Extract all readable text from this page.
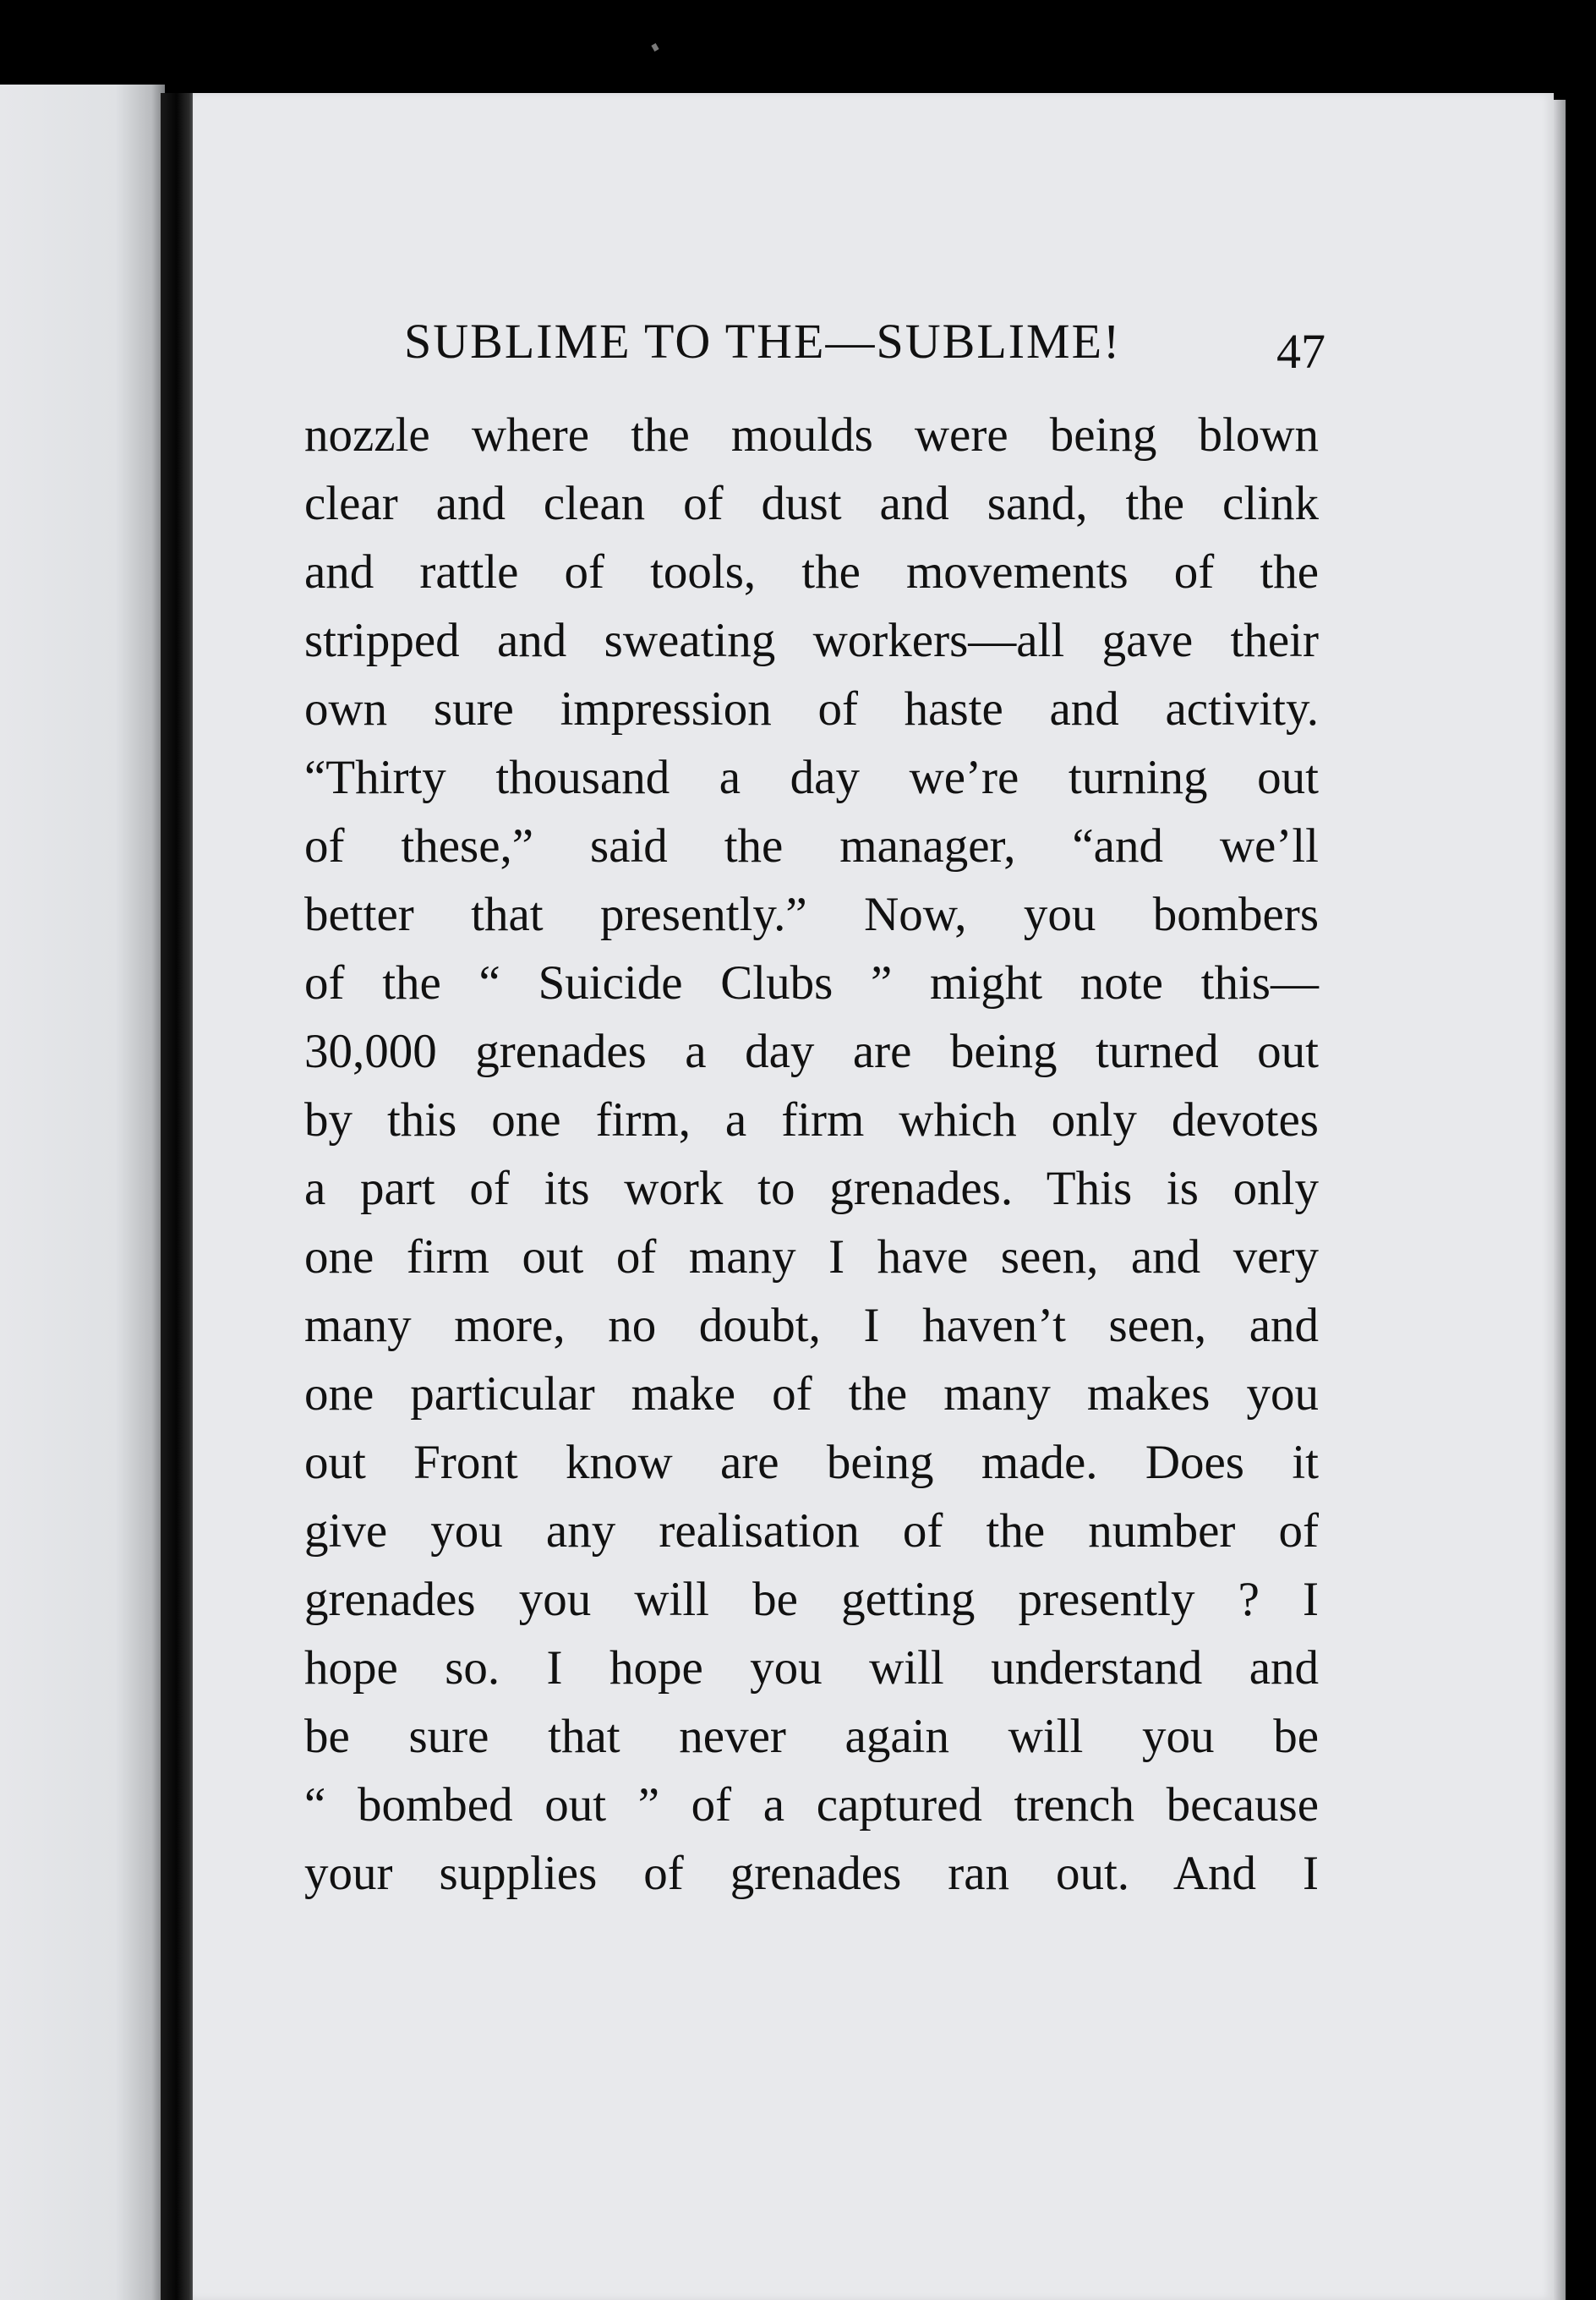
SUBLIME TO THE—SUBLIME!	47
nozzle where the moulds were being blown
clear and clean of dust and sand, the clink
and rattle of tools, the movements of the
stripped and sweating workers—all gave their
own sure impression of haste and activity.
“Thirty thousand a day we’re turning out
of these,” said the manager, “and we’ll
better that presently.” Now, you bombers
of the “ Suicide Clubs ” might note this—
30,000 grenades a day are being turned out
by this one firm, a firm which only devotes
a part of its work to grenades. This is only
one firm out of many I have seen, and very
many more, no doubt, I haven’t seen, and
one particular make of the many makes you
out Front know are being made. Does it
give you any realisation of the number of
grenades you will be getting presently ? I
hope so. I hope you will understand and
be sure that never again will you be
“ bombed out ” of a captured trench because
your supplies of grenades ran out. And I
